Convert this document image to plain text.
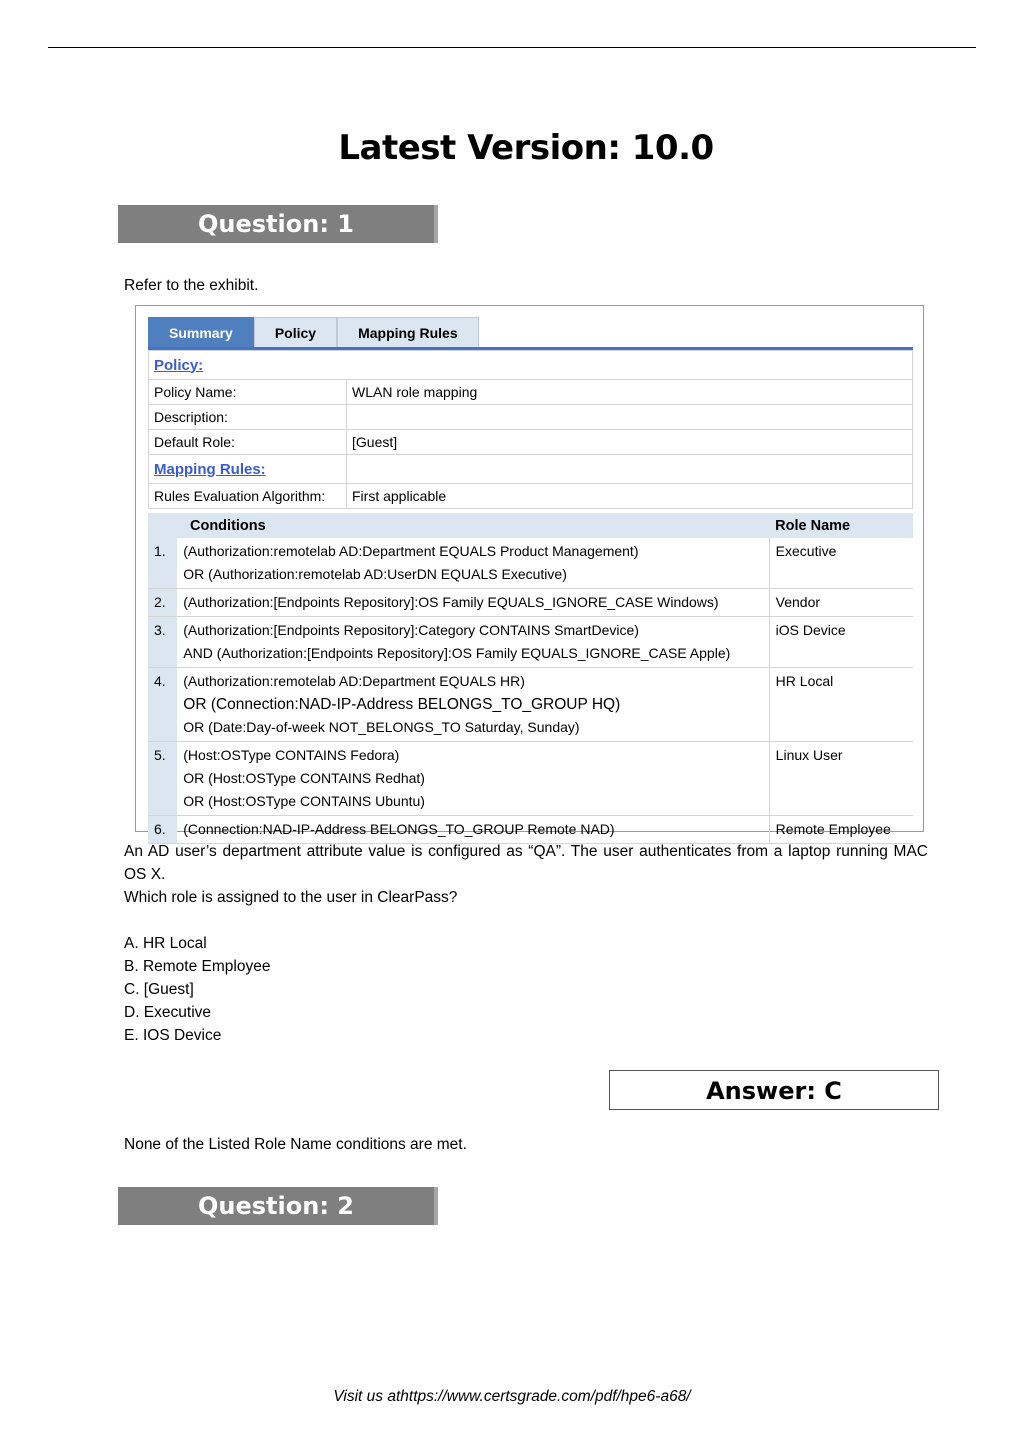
Latest Version: 10.0
Question: 1
Refer to the exhibit.
Summary	Policy	Mapping Rules
Policy:	
Policy Name:	WLAN role mapping
Description:	
Default Role:	[Guest]
Mapping Rules:	
Rules Evaluation Algorithm:	First applicable
Conditions		Role Name
1.	(Authorization:remotelab AD:Department EQUALS Product Management)
OR (Authorization:remotelab AD:UserDN EQUALS Executive)	Executive
2.	(Authorization:[Endpoints Repository]:OS Family EQUALS_IGNORE_CASE Windows)	Vendor
3.	(Authorization:[Endpoints Repository]:Category CONTAINS SmartDevice)
AND (Authorization:[Endpoints Repository]:OS Family EQUALS_IGNORE_CASE Apple)	iOS Device
4.	(Authorization:remotelab AD:Department EQUALS HR)
OR (Connection:NAD-IP-Address BELONGS_TO_GROUP HQ)
OR (Date:Day-of-week NOT_BELONGS_TO Saturday, Sunday)	HR Local
5.	(Host:OSType CONTAINS Fedora)
OR (Host:OSType CONTAINS Redhat)
OR (Host:OSType CONTAINS Ubuntu)	Linux User
6.	(Connection:NAD-IP-Address BELONGS_TO_GROUP Remote NAD)	Remote Employee
An AD user’s department attribute value is configured as “QA”. The user authenticates from a laptop running MAC OS X.
Which role is assigned to the user in ClearPass?
A. HR Local
B. Remote Employee
C. [Guest]
D. Executive
E. IOS Device
Answer: C
None of the Listed Role Name conditions are met.
Question: 2
Visit us athttps://www.certsgrade.com/pdf/hpe6-a68/
